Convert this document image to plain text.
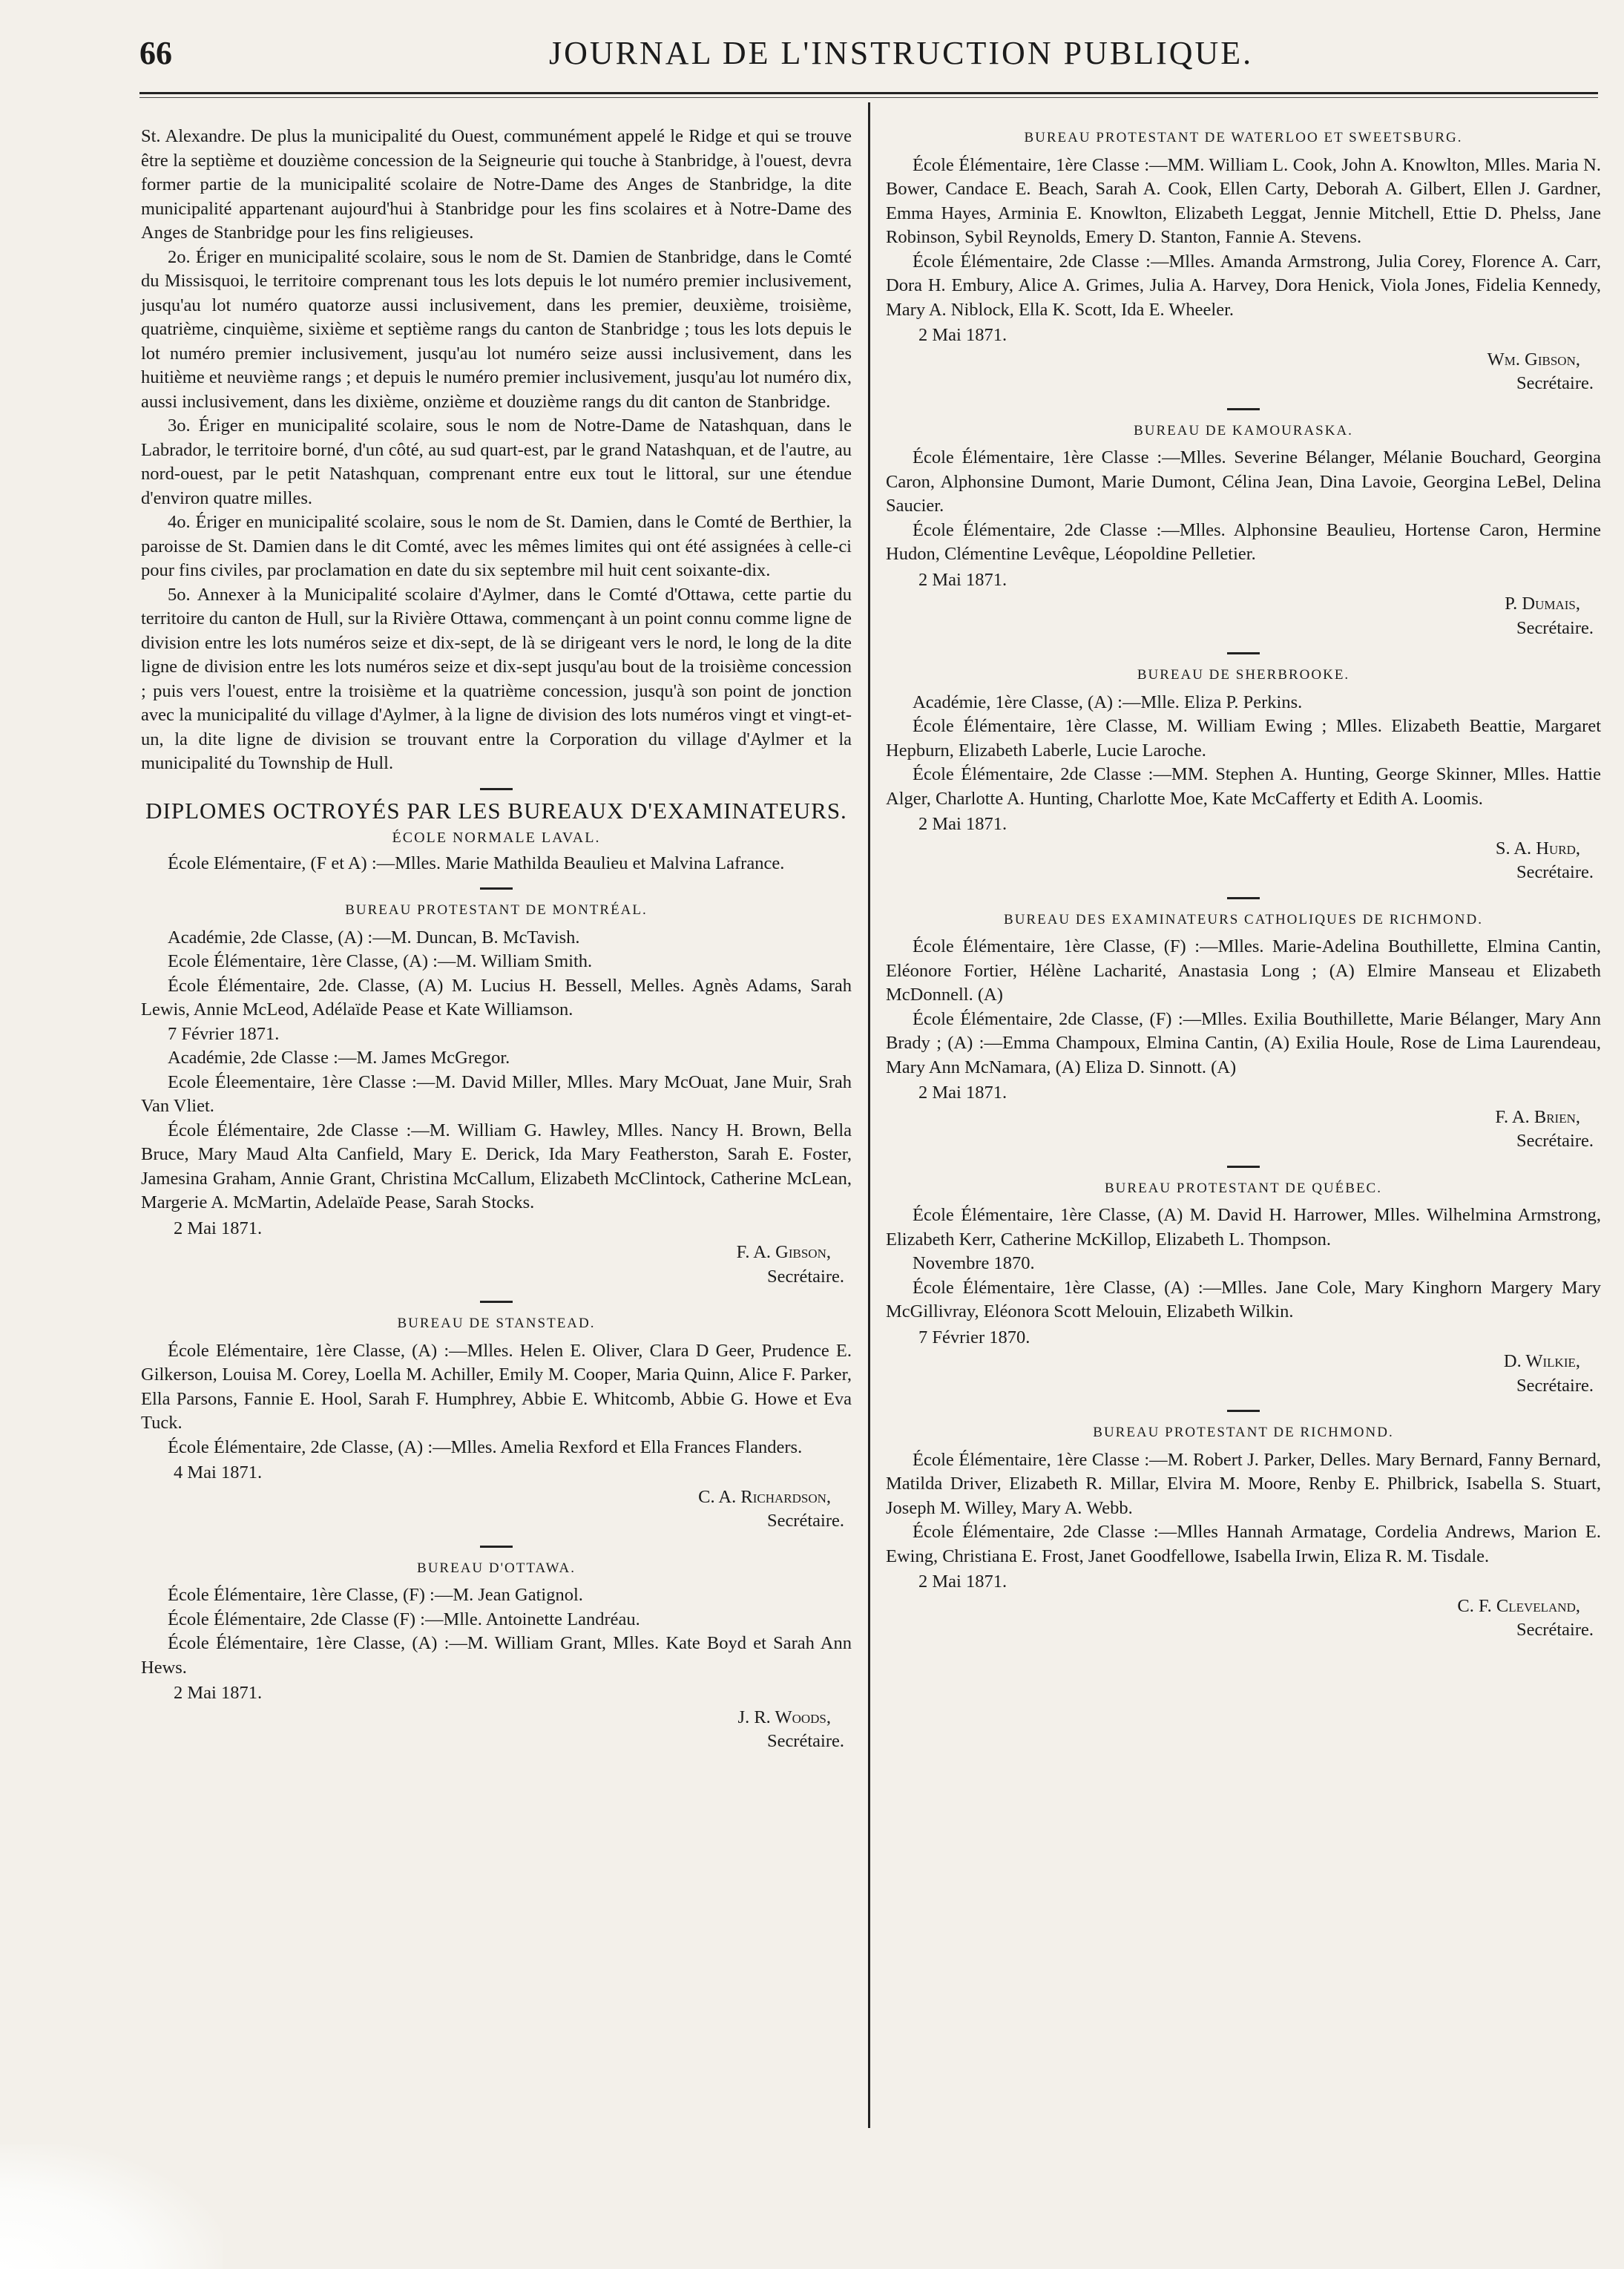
66	JOURNAL DE L'INSTRUCTION PUBLIQUE.

St. Alexandre. De plus la municipalité du Ouest, communément appelé le Ridge et qui se trouve être la septième et douzième concession de la Seigneurie qui touche à Stanbridge, à l'ouest, devra former partie de la municipalité scolaire de Notre-Dame des Anges de Stanbridge, la dite municipalité appartenant aujourd'hui à Stanbridge pour les fins scolaires et à Notre-Dame des Anges de Stanbridge pour les fins religieuses.

2o. Ériger en municipalité scolaire, sous le nom de St. Damien de Stanbridge, dans le Comté du Missisquoi, le territoire comprenant tous les lots depuis le lot numéro premier inclusivement, jusqu'au lot numéro quatorze aussi inclusivement, dans les premier, deuxième, troisième, quatrième, cinquième, sixième et septième rangs du canton de Stanbridge ; tous les lots depuis le lot numéro premier inclusivement, jusqu'au lot numéro seize aussi inclusivement, dans les huitième et neuvième rangs ; et depuis le numéro premier inclusivement, jusqu'au lot numéro dix, aussi inclusivement, dans les dixième, onzième et douzième rangs du dit canton de Stanbridge.

3o. Ériger en municipalité scolaire, sous le nom de Notre-Dame de Natashquan, dans le Labrador, le territoire borné, d'un côté, au sud quart-est, par le grand Natashquan, et de l'autre, au nord-ouest, par le petit Natashquan, comprenant entre eux tout le littoral, sur une étendue d'environ quatre milles.

4o. Ériger en municipalité scolaire, sous le nom de St. Damien, dans le Comté de Berthier, la paroisse de St. Damien dans le dit Comté, avec les mêmes limites qui ont été assignées à celle-ci pour fins civiles, par proclamation en date du six septembre mil huit cent soixante-dix.

5o. Annexer à la Municipalité scolaire d'Aylmer, dans le Comté d'Ottawa, cette partie du territoire du canton de Hull, sur la Rivière Ottawa, commençant à un point connu comme ligne de division entre les lots numéros seize et dix-sept, de là se dirigeant vers le nord, le long de la dite ligne de division entre les lots numéros seize et dix-sept jusqu'au bout de la troisième concession ; puis vers l'ouest, entre la troisième et la quatrième concession, jusqu'à son point de jonction avec la municipalité du village d'Aylmer, à la ligne de division des lots numéros vingt et vingt-et-un, la dite ligne de division se trouvant entre la Corporation du village d'Aylmer et la municipalité du Township de Hull.

DIPLOMES OCTROYÉS PAR LES BUREAUX D'EXAMINATEURS.
ÉCOLE NORMALE LAVAL.

École Elémentaire, (F et A) :—Mlles. Marie Mathilda Beaulieu et Malvina Lafrance.

BUREAU PROTESTANT DE MONTRÉAL.

Académie, 2de Classe, (A) :—M. Duncan, B. McTavish.

Ecole Élémentaire, 1ère Classe, (A) :—M. William Smith.

École Élémentaire, 2de. Classe, (A) M. Lucius H. Bessell, Melles. Agnès Adams, Sarah Lewis, Annie McLeod, Adélaïde Pease et Kate Williamson.

7 Février 1871.

Académie, 2de Classe :—M. James McGregor.

Ecole Éleementaire, 1ère Classe :—M. David Miller, Mlles. Mary McOuat, Jane Muir, Srah Van Vliet.

École Élémentaire, 2de Classe :—M. William G. Hawley, Mlles. Nancy H. Brown, Bella Bruce, Mary Maud Alta Canfield, Mary E. Derick, Ida Mary Featherston, Sarah E. Foster, Jamesina Graham, Annie Grant, Christina McCallum, Elizabeth McClintock, Catherine McLean, Margerie A. McMartin, Adelaïde Pease, Sarah Stocks.

2 Mai 1871.

F. A. Gibson,

Secrétaire.

BUREAU DE STANSTEAD.

École Elémentaire, 1ère Classe, (A) :—Mlles. Helen E. Oliver, Clara D Geer, Prudence E. Gilkerson, Louisa M. Corey, Loella M. Achiller, Emily M. Cooper, Maria Quinn, Alice F. Parker, Ella Parsons, Fannie E. Hool, Sarah F. Humphrey, Abbie E. Whitcomb, Abbie G. Howe et Eva Tuck.

École Élémentaire, 2de Classe, (A) :—Mlles. Amelia Rexford et Ella Frances Flanders.

4 Mai 1871.

C. A. Richardson,

Secrétaire.

BUREAU D'OTTAWA.

École Élémentaire, 1ère Classe, (F) :—M. Jean Gatignol.

École Élémentaire, 2de Classe (F) :—Mlle. Antoinette Landréau.

École Élémentaire, 1ère Classe, (A) :—M. William Grant, Mlles. Kate Boyd et Sarah Ann Hews.

2 Mai 1871.

J. R. Woods,

Secrétaire.

BUREAU PROTESTANT DE WATERLOO ET SWEETSBURG.

École Élémentaire, 1ère Classe :—MM. William L. Cook, John A. Knowlton, Mlles. Maria N. Bower, Candace E. Beach, Sarah A. Cook, Ellen Carty, Deborah A. Gilbert, Ellen J. Gardner, Emma Hayes, Arminia E. Knowlton, Elizabeth Leggat, Jennie Mitchell, Ettie D. Phelss, Jane Robinson, Sybil Reynolds, Emery D. Stanton, Fannie A. Stevens.

École Élémentaire, 2de Classe :—Mlles. Amanda Armstrong, Julia Corey, Florence A. Carr, Dora H. Embury, Alice A. Grimes, Julia A. Harvey, Dora Henick, Viola Jones, Fidelia Kennedy, Mary A. Niblock, Ella K. Scott, Ida E. Wheeler.

2 Mai 1871.

Wm. Gibson,

Secrétaire.

BUREAU DE KAMOURASKA.

École Élémentaire, 1ère Classe :—Mlles. Severine Bélanger, Mélanie Bouchard, Georgina Caron, Alphonsine Dumont, Marie Dumont, Célina Jean, Dina Lavoie, Georgina LeBel, Delina Saucier.

École Élémentaire, 2de Classe :—Mlles. Alphonsine Beaulieu, Hortense Caron, Hermine Hudon, Clémentine Levêque, Léopoldine Pelletier.

2 Mai 1871.

P. Dumais,

Secrétaire.

BUREAU DE SHERBROOKE.

Académie, 1ère Classe, (A) :—Mlle. Eliza P. Perkins.

École Élémentaire, 1ère Classe, M. William Ewing ; Mlles. Elizabeth Beattie, Margaret Hepburn, Elizabeth Laberle, Lucie Laroche.

École Élémentaire, 2de Classe :—MM. Stephen A. Hunting, George Skinner, Mlles. Hattie Alger, Charlotte A. Hunting, Charlotte Moe, Kate McCafferty et Edith A. Loomis.

2 Mai 1871.

S. A. Hurd,

Secrétaire.

BUREAU DES EXAMINATEURS CATHOLIQUES DE RICHMOND.

École Élémentaire, 1ère Classe, (F) :—Mlles. Marie-Adelina Bouthillette, Elmina Cantin, Eléonore Fortier, Hélène Lacharité, Anastasia Long ; (A) Elmire Manseau et Elizabeth McDonnell. (A)

École Élémentaire, 2de Classe, (F) :—Mlles. Exilia Bouthillette, Marie Bélanger, Mary Ann Brady ; (A) :—Emma Champoux, Elmina Cantin, (A) Exilia Houle, Rose de Lima Laurendeau, Mary Ann McNamara, (A) Eliza D. Sinnott. (A)

2 Mai 1871.

F. A. Brien,

Secrétaire.

BUREAU PROTESTANT DE QUÉBEC.

École Élémentaire, 1ère Classe, (A) M. David H. Harrower, Mlles. Wilhelmina Armstrong, Elizabeth Kerr, Catherine McKillop, Elizabeth L. Thompson.

Novembre 1870.

École Élémentaire, 1ère Classe, (A) :—Mlles. Jane Cole, Mary Kinghorn Margery Mary McGillivray, Eléonora Scott Melouin, Elizabeth Wilkin.

7 Février 1870.

D. Wilkie,

Secrétaire.

BUREAU PROTESTANT DE RICHMOND.

École Élémentaire, 1ère Classe :—M. Robert J. Parker, Delles. Mary Bernard, Fanny Bernard, Matilda Driver, Elizabeth R. Millar, Elvira M. Moore, Renby E. Philbrick, Isabella S. Stuart, Joseph M. Willey, Mary A. Webb.

École Élémentaire, 2de Classe :—Mlles Hannah Armatage, Cordelia Andrews, Marion E. Ewing, Christiana E. Frost, Janet Goodfellowe, Isabella Irwin, Eliza R. M. Tisdale.

2 Mai 1871.

C. F. Cleveland,

Secrétaire.
